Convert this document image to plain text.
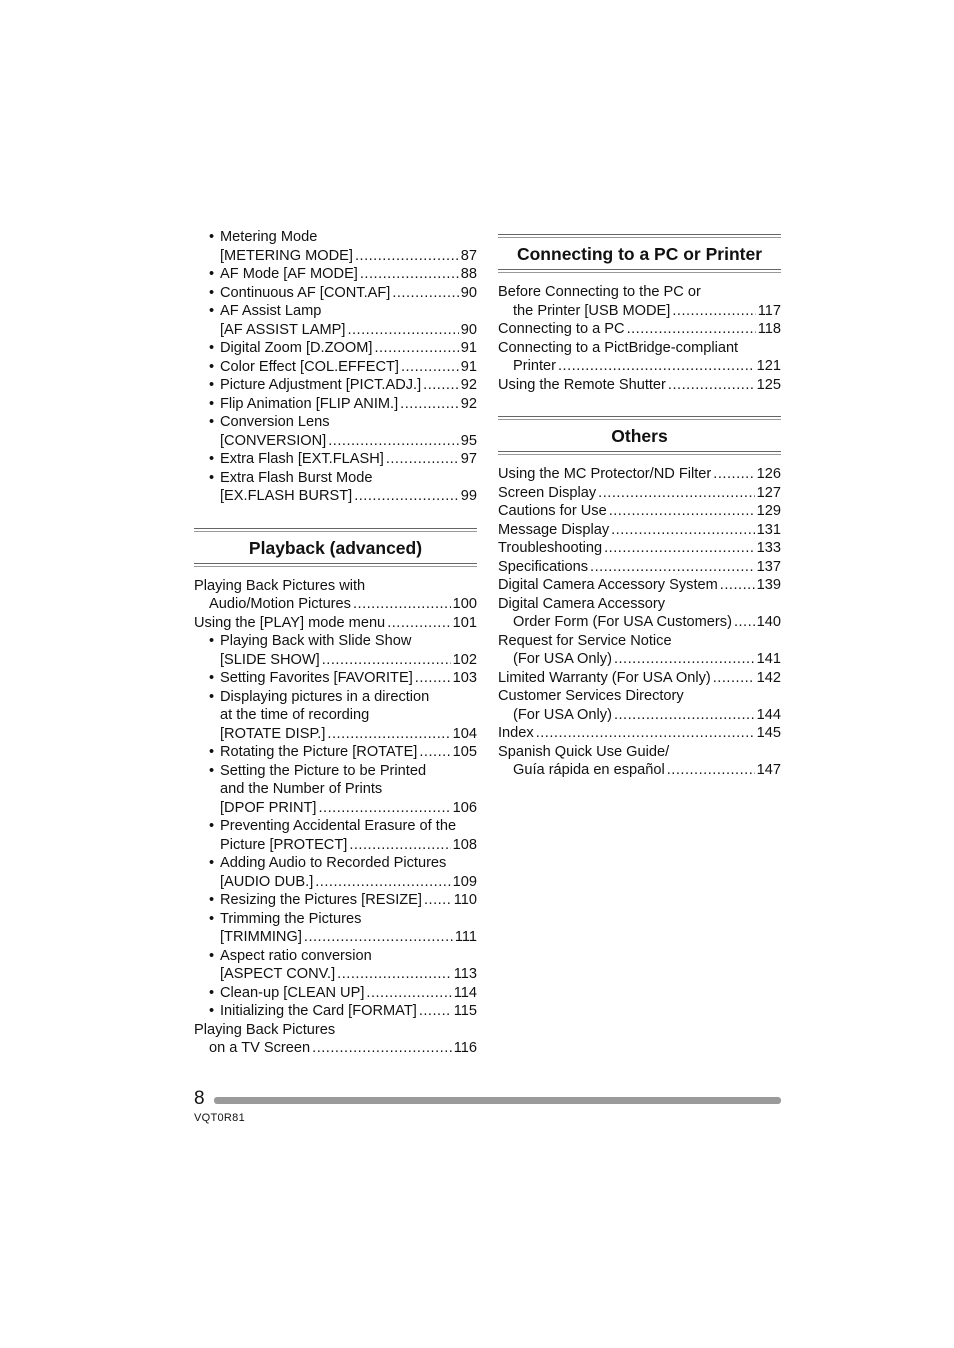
• Metering Mode
[METERING MODE] .....	87
• AF Mode [AF MODE] .....	88
• Continuous AF [CONT.AF] .....	90
• AF Assist Lamp
[AF ASSIST LAMP] .....	90
• Digital Zoom [D.ZOOM] .....	91
• Color Effect [COL.EFFECT] .....	91
• Picture Adjustment [PICT.ADJ.] .....	92
• Flip Animation [FLIP ANIM.] .....	92
• Conversion Lens
[CONVERSION] .....	95
• Extra Flash [EXT.FLASH] .....	97
• Extra Flash Burst Mode
[EX.FLASH BURST] .....	99
Playback (advanced)
Playing Back Pictures with
Audio/Motion Pictures .....	100
Using the [PLAY] mode menu .....	101
• Playing Back with Slide Show
[SLIDE SHOW] .....	102
• Setting Favorites [FAVORITE] .....	103
• Displaying pictures in a direction
at the time of recording
[ROTATE DISP.] .....	104
• Rotating the Picture [ROTATE] ..... 105
• Setting the Picture to be Printed
and the Number of Prints
[DPOF PRINT] .....	106
• Preventing Accidental Erasure of the
Picture [PROTECT] .....	108
• Adding Audio to Recorded Pictures
[AUDIO DUB.] .....	109
• Resizing the Pictures [RESIZE] ..... 110
• Trimming the Pictures
[TRIMMING] .....	111
• Aspect ratio conversion
[ASPECT CONV.] .....	113
• Clean-up [CLEAN UP] .....	114
• Initializing the Card [FORMAT] .....	115
Playing Back Pictures
on a TV Screen .....	116
Connecting to a PC or Printer
Before Connecting to the PC or
the Printer [USB MODE] .....	117
Connecting to a PC .....	118
Connecting to a PictBridge-compliant
Printer .....	121
Using the Remote Shutter .....	125
Others
Using the MC Protector/ND Filter .....	126
Screen Display .....	127
Cautions for Use .....	129
Message Display .....	131
Troubleshooting .....	133
Specifications .....	137
Digital Camera Accessory System .....	139
Digital Camera Accessory
Order Form (For USA Customers) ..... 140
Request for Service Notice
(For USA Only) .....	141
Limited Warranty (For USA Only) .....	142
Customer Services Directory
(For USA Only) .....	144
Index .....	145
Spanish Quick Use Guide/
Guía rápida en español .....	147
8
VQT0R81
